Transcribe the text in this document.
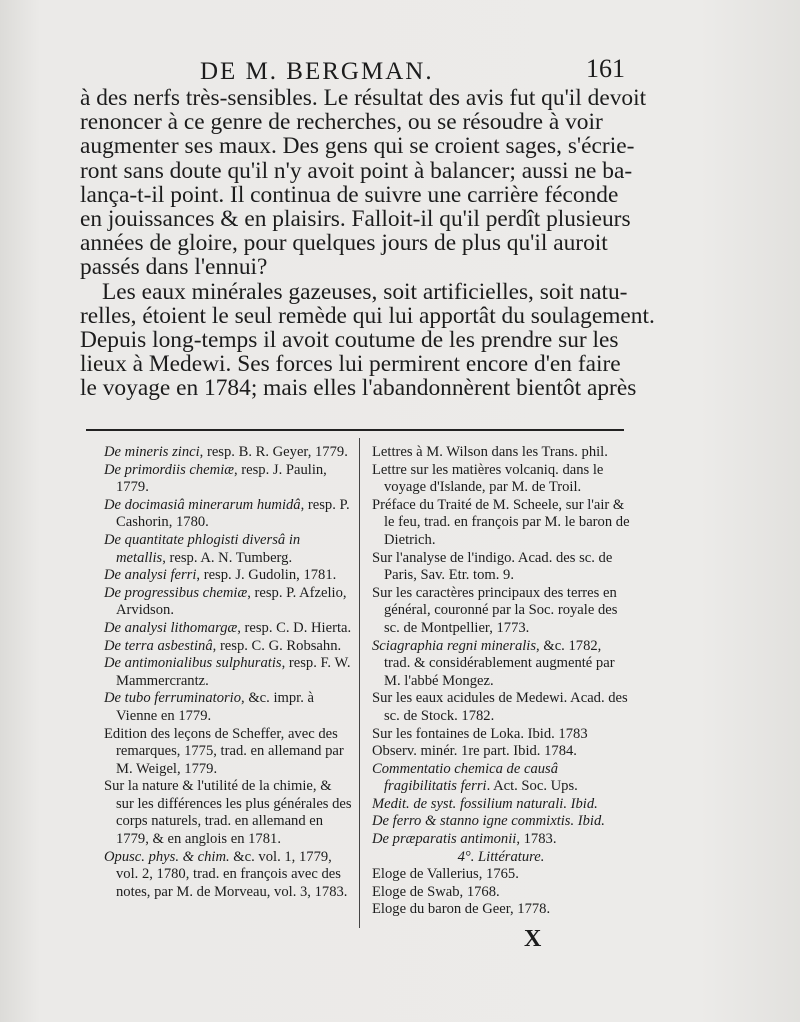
DE M. BERGMAN.	161
à des nerfs très-sensibles. Le résultat des avis fut qu'il devoit
renoncer à ce genre de recherches, ou se résoudre à voir
augmenter ses maux. Des gens qui se croient sages, s'écrie-
ront sans doute qu'il n'y avoit point à balancer; aussi ne ba-
lança-t-il point. Il continua de suivre une carrière féconde
en jouissances & en plaisirs. Falloit-il qu'il perdît plusieurs
années de gloire, pour quelques jours de plus qu'il auroit
passés dans l'ennui?
Les eaux minérales gazeuses, soit artificielles, soit natu-
relles, étoient le seul remède qui lui apportât du soulagement.
Depuis long-temps il avoit coutume de les prendre sur les
lieux à Medewi. Ses forces lui permirent encore d'en faire
le voyage en 1784; mais elles l'abandonnèrent bientôt après

De mineris zinci, resp. B. R. Geyer, 1779.

De primordiis chemiæ, resp. J. Paulin, 1779.

De docimasiâ minerarum humidâ, resp. P. Cashorin, 1780.

De quantitate phlogisti diversâ in metallis, resp. A. N. Tumberg.

De analysi ferri, resp. J. Gudolin, 1781.

De progressibus chemiæ, resp. P. Afzelio, Arvidson.

De analysi lithomargæ, resp. C. D. Hierta.

De terra asbestinâ, resp. C. G. Robsahn.

De antimonialibus sulphuratis, resp. F. W. Mammercrantz.

De tubo ferruminatorio, &c. impr. à Vienne en 1779.

Edition des leçons de Scheffer, avec des remarques, 1775, trad. en allemand par M. Weigel, 1779.

Sur la nature & l'utilité de la chimie, & sur les différences les plus générales des corps naturels, trad. en allemand en 1779, & en anglois en 1781.

Opusc. phys. & chim. &c. vol. 1, 1779, vol. 2, 1780, trad. en françois avec des notes, par M. de Morveau, vol. 3, 1783.

Lettres à M. Wilson dans les Trans. phil.

Lettre sur les matières volcaniq. dans le voyage d'Islande, par M. de Troil.

Préface du Traité de M. Scheele, sur l'air & le feu, trad. en françois par M. le baron de Dietrich.

Sur l'analyse de l'indigo. Acad. des sc. de Paris, Sav. Etr. tom. 9.

Sur les caractères principaux des terres en général, couronné par la Soc. royale des sc. de Montpellier, 1773.

Sciagraphia regni mineralis, &c. 1782, trad. & considérablement augmenté par M. l'abbé Mongez.

Sur les eaux acidules de Medewi. Acad. des sc. de Stock. 1782.

Sur les fontaines de Loka. Ibid. 1783

Observ. minér. 1re part. Ibid. 1784.

Commentatio chemica de causâ fragibilitatis ferri. Act. Soc. Ups.

Medit. de syst. fossilium naturali. Ibid.

De ferro & stanno igne commixtis. Ibid.

De præparatis antimonii, 1783.

4°. Littérature.

Eloge de Vallerius, 1765.

Eloge de Swab, 1768.

Eloge du baron de Geer, 1778.

X
